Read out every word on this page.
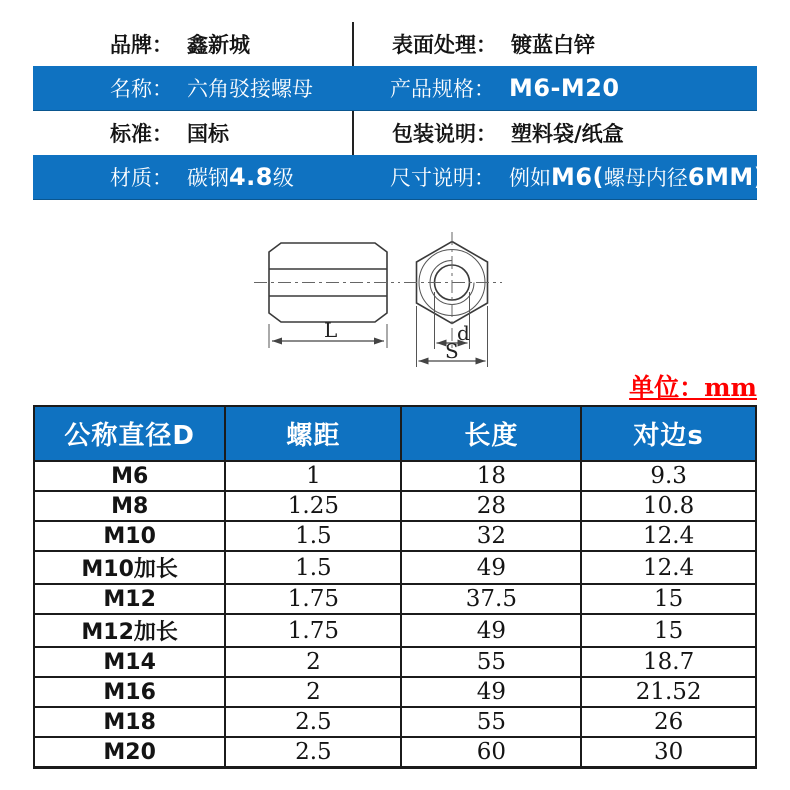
品牌： 鑫新城	表面处理： 镀蓝白锌
名称： 六角驳接螺母	产品规格： M6-M20
标准： 国标	包装说明： 塑料袋/纸盒
材质： 碳钢4.8级	尺寸说明： 例如M6(螺母内径6MM)
L	d
S
单位：mm
公称直径D	螺距	长度	对边s
M6	1	18	9.3
M8	1.25	28	10.8
M10	1.5	32	12.4
M10加长	1.5	49	12.4
M12	1.75	37.5	15
M12加长	1.75	49	15
M14	2	55	18.7
M16	2	49	21.52
M18	2.5	55	26
M20	2.5	60	30
